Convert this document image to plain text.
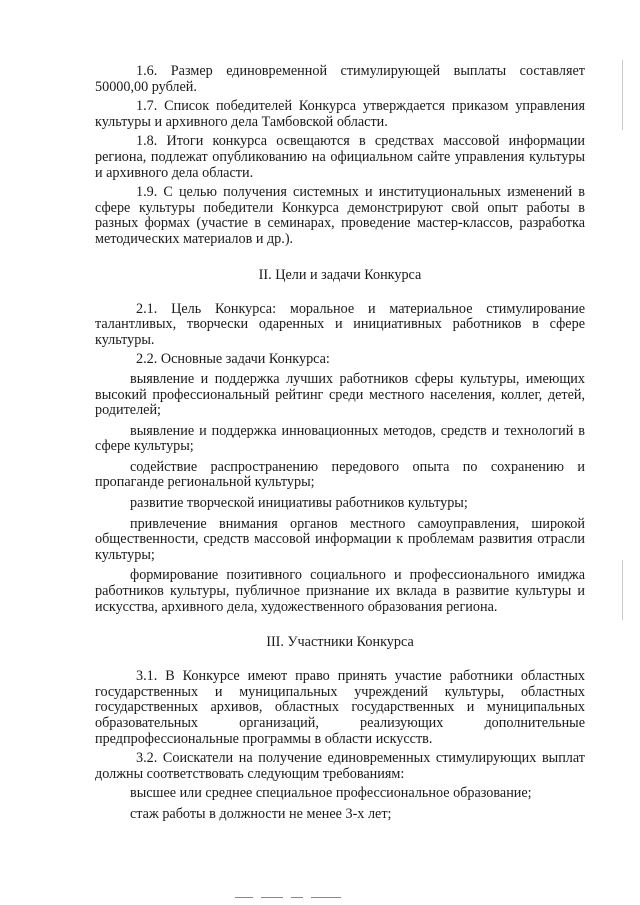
1.6. Размер единовременной стимулирующей выплаты составляет 50000,00 рублей.

1.7. Список победителей Конкурса утверждается приказом управления культуры и архивного дела Тамбовской области.

1.8. Итоги конкурса освещаются в средствах массовой информации региона, подлежат опубликованию на официальном сайте управления культуры и архивного дела области.

1.9. С целью получения системных и институциональных изменений в сфере культуры победители Конкурса демонстрируют свой опыт работы в разных формах (участие в семинарах, проведение мастер-классов, разработка методических материалов и др.).

II. Цели и задачи Конкурса

2.1. Цель Конкурса: моральное и материальное стимулирование талантливых, творчески одаренных и инициативных работников в сфере культуры.

2.2. Основные задачи Конкурса:

выявление и поддержка лучших работников сферы культуры, имеющих высокий профессиональный рейтинг среди местного населения, коллег, детей, родителей;

выявление и поддержка инновационных методов, средств и технологий в сфере культуры;

содействие распространению передового опыта по сохранению и пропаганде региональной культуры;

развитие творческой инициативы работников культуры;

привлечение внимания органов местного самоуправления, широкой общественности, средств массовой информации к проблемам развития отрасли культуры;

формирование позитивного социального и профессионального имиджа работников культуры, публичное признание их вклада в развитие культуры и искусства, архивного дела, художественного образования региона.

III. Участники Конкурса

3.1. В Конкурсе имеют право принять участие работники областных государственных и муниципальных учреждений культуры, областных государственных архивов, областных государственных и муниципальных образовательных организаций, реализующих дополнительные предпрофессиональные программы в области искусств.

3.2. Соискатели на получение единовременных стимулирующих выплат должны соответствовать следующим требованиям:

высшее или среднее специальное профессиональное образование;

стаж работы в должности не менее 3-х лет;
